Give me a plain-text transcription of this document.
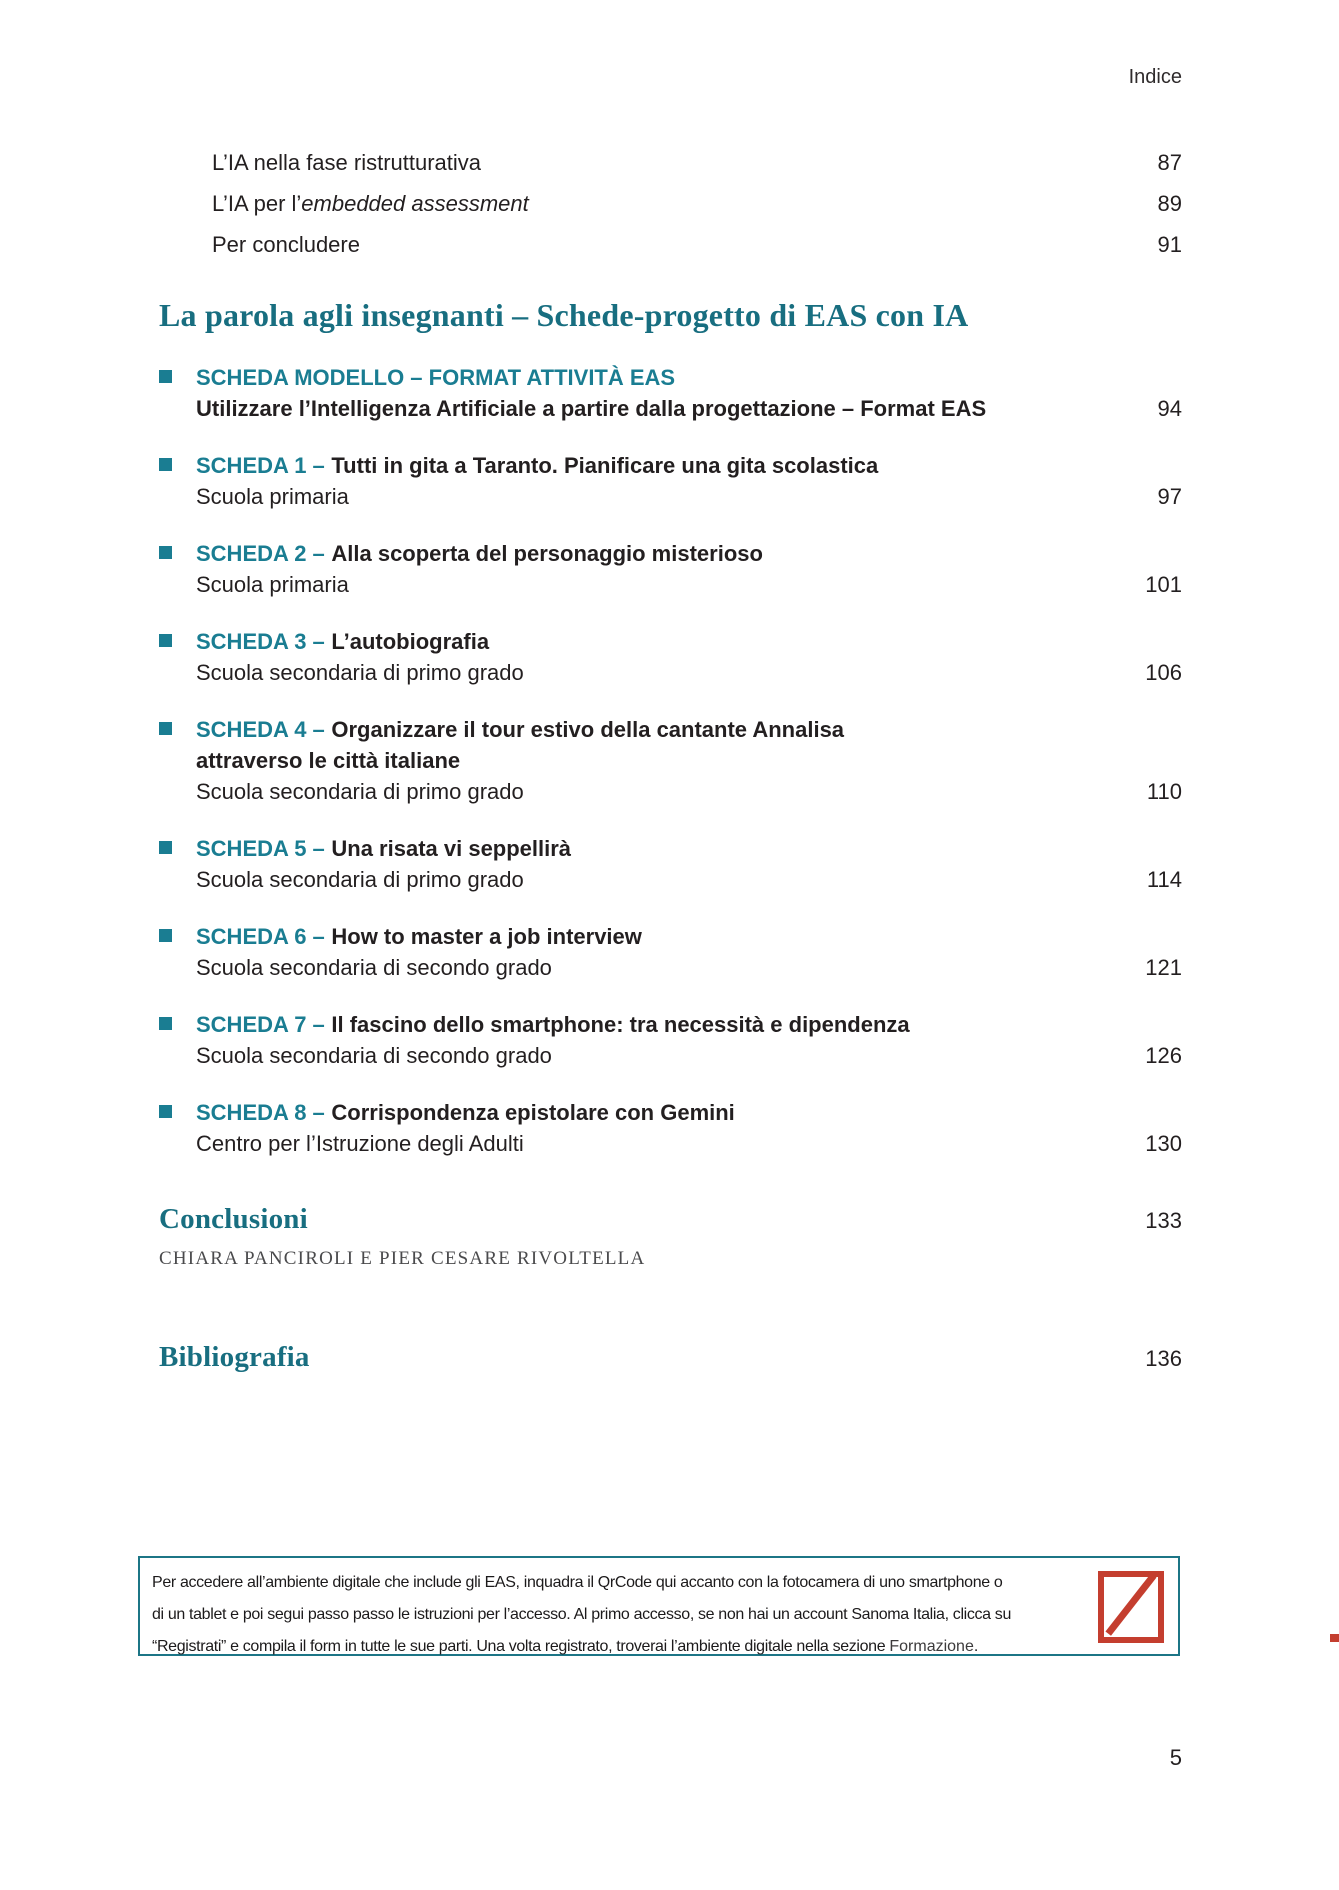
Indice
L’IA nella fase ristrutturativa	87
L’IA per l’embedded assessment	89
Per concludere	91
La parola agli insegnanti – Schede-progetto di EAS con IA
SCHEDA MODELLO – FORMAT ATTIVITÀ EAS
Utilizzare l’Intelligenza Artificiale a partire dalla progettazione – Format EAS	94
SCHEDA 1 – Tutti in gita a Taranto. Pianificare una gita scolastica
Scuola primaria	97
SCHEDA 2 – Alla scoperta del personaggio misterioso
Scuola primaria	101
SCHEDA 3 – L’autobiografia
Scuola secondaria di primo grado	106
SCHEDA 4 – Organizzare il tour estivo della cantante Annalisa
attraverso le città italiane
Scuola secondaria di primo grado	110
SCHEDA 5 – Una risata vi seppellirà
Scuola secondaria di primo grado	114
SCHEDA 6 – How to master a job interview
Scuola secondaria di secondo grado	121
SCHEDA 7 – Il fascino dello smartphone: tra necessità e dipendenza
Scuola secondaria di secondo grado	126
SCHEDA 8 – Corrispondenza epistolare con Gemini
Centro per l’Istruzione degli Adulti	130
Conclusioni	133
CHIARA PANCIROLI E PIER CESARE RIVOLTELLA
Bibliografia	136
Per accedere all’ambiente digitale che include gli EAS, inquadra il QrCode qui accanto con la fotocamera di uno smartphone o
di un tablet e poi segui passo passo le istruzioni per l’accesso. Al primo accesso, se non hai un account Sanoma Italia, clicca su
“Registrati” e compila il form in tutte le sue parti. Una volta registrato, troverai l’ambiente digitale nella sezione Formazione.
5
